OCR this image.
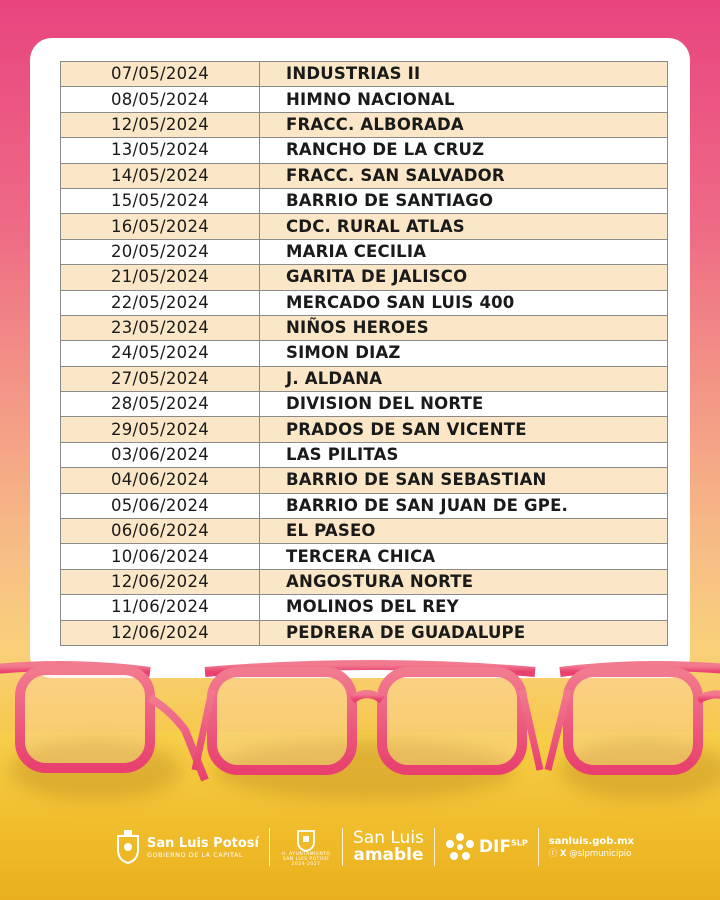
07/05/2024	INDUSTRIAS II
08/05/2024	HIMNO NACIONAL
12/05/2024	FRACC. ALBORADA
13/05/2024	RANCHO DE LA CRUZ
14/05/2024	FRACC. SAN SALVADOR
15/05/2024	BARRIO DE SANTIAGO
16/05/2024	CDC. RURAL ATLAS
20/05/2024	MARIA CECILIA
21/05/2024	GARITA DE JALISCO
22/05/2024	MERCADO SAN LUIS 400
23/05/2024	NIÑOS HEROES
24/05/2024	SIMON DIAZ
27/05/2024	J. ALDANA
28/05/2024	DIVISION DEL NORTE
29/05/2024	PRADOS DE SAN VICENTE
03/06/2024	LAS PILITAS
04/06/2024	BARRIO DE SAN SEBASTIAN
05/06/2024	BARRIO DE SAN JUAN DE GPE.
06/06/2024	EL PASEO
10/06/2024	TERCERA CHICA
12/06/2024	ANGOSTURA NORTE
11/06/2024	MOLINOS DEL REY
12/06/2024	PEDRERA DE GUADALUPE
San Luis Potosí
GOBIERNO DE LA CAPITAL	H. AYUNTAMIENTO SAN LUIS POTOSÍ 2024-2027
San Luis
amable	$DIF^{SLP}$ sanluis.gob.mx
ⓕ X @slpmunicipio
